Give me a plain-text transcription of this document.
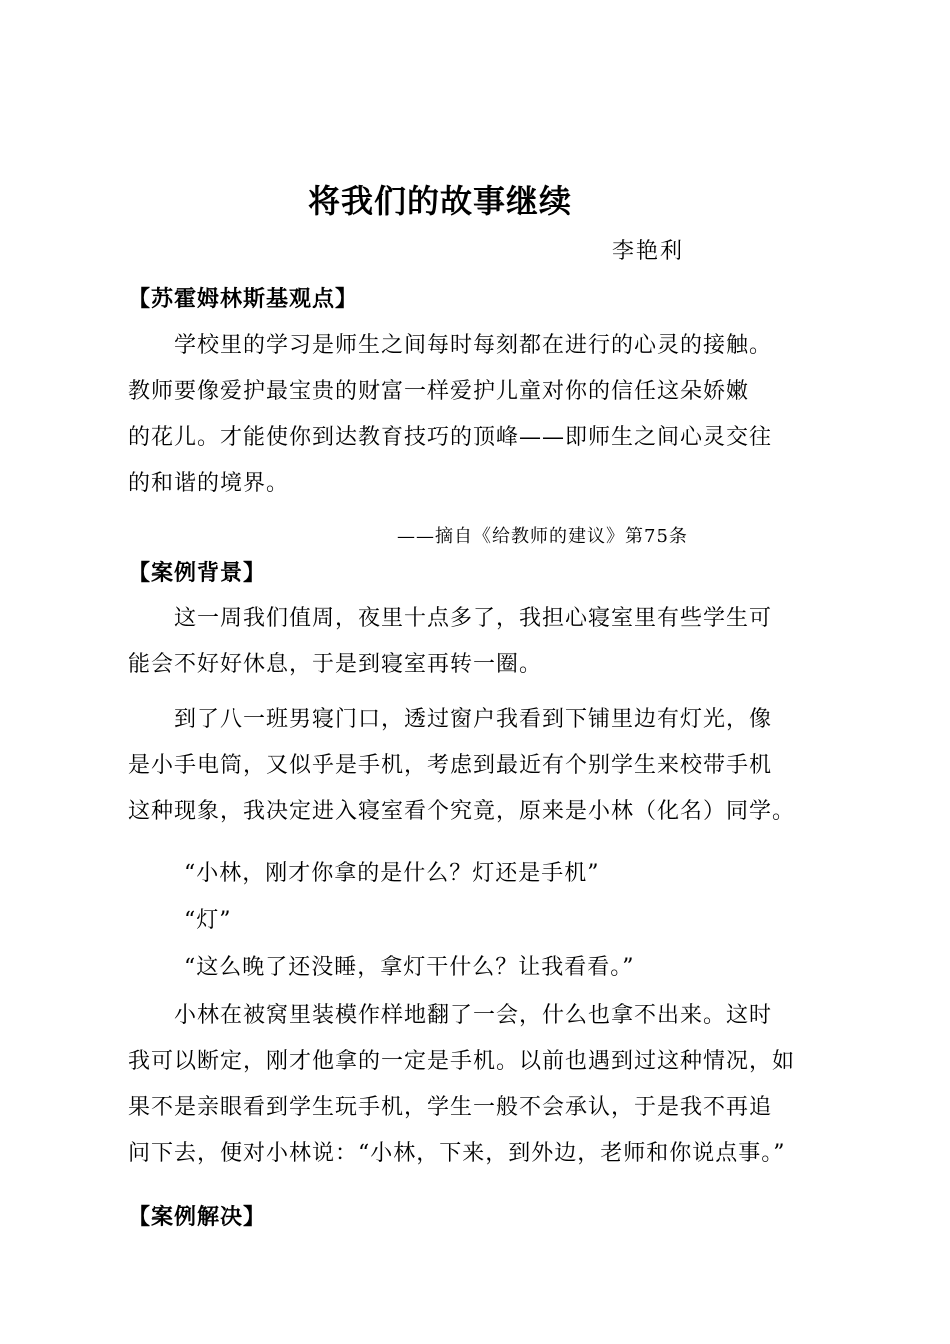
将我们的故事继续
李艳利
【苏霍姆林斯基观点】
　　学校里的学习是师生之间每时每刻都在进行的心灵的接触。
教师要像爱护最宝贵的财富一样爱护儿童对你的信任这朵娇嫩
的花儿。才能使你到达教育技巧的顶峰——即师生之间心灵交往
的和谐的境界。
——摘自《给教师的建议》第75条
【案例背景】
　　这一周我们值周，夜里十点多了，我担心寝室里有些学生可
能会不好好休息，于是到寝室再转一圈。
　　到了八一班男寝门口，透过窗户我看到下铺里边有灯光，像
是小手电筒，又似乎是手机，考虑到最近有个别学生来校带手机
这种现象，我决定进入寝室看个究竟，原来是小林（化名）同学。
“小林，刚才你拿的是什么？灯还是手机”
“灯”
“这么晚了还没睡，拿灯干什么？让我看看。”
　　小林在被窝里装模作样地翻了一会，什么也拿不出来。这时
我可以断定，刚才他拿的一定是手机。以前也遇到过这种情况，如
果不是亲眼看到学生玩手机，学生一般不会承认，于是我不再追
问下去，便对小林说：“小林，下来，到外边，老师和你说点事。”
【案例解决】
